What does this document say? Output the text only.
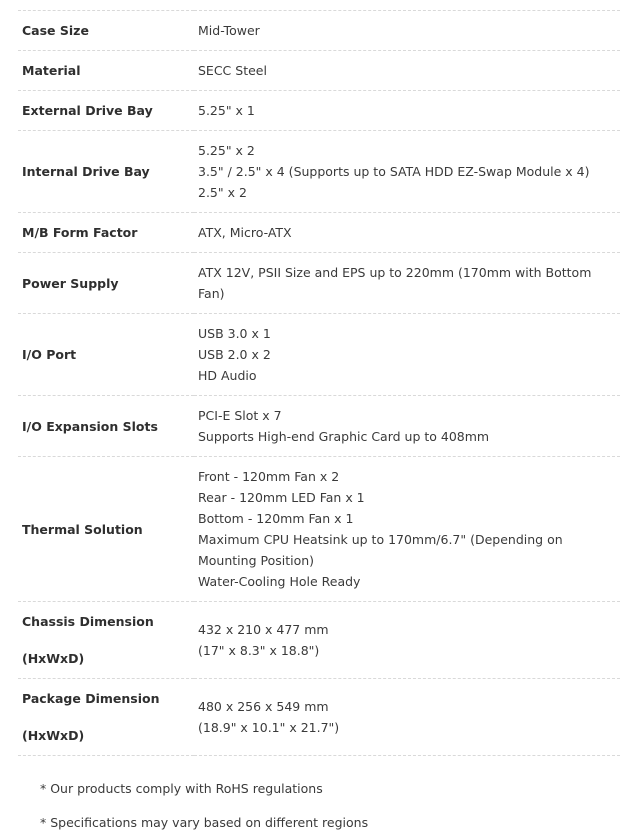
Case Size	Mid-Tower

Material	SECC Steel

External Drive Bay	5.25" x 1

Internal Drive Bay	5.25" x 2
3.5" / 2.5" x 4 (Supports up to SATA HDD EZ-Swap Module x 4)
2.5" x 2

M/B Form Factor	ATX, Micro-ATX

Power Supply	ATX 12V, PSII Size and EPS up to 220mm (170mm with Bottom Fan)

I/O Port	USB 3.0 x 1
USB 2.0 x 2
HD Audio

I/O Expansion Slots	PCI-E Slot x 7
Supports High-end Graphic Card up to 408mm

Thermal Solution	Front - 120mm Fan x 2
Rear - 120mm LED Fan x 1
Bottom - 120mm Fan x 1
Maximum CPU Heatsink up to 170mm/6.7" (Depending on Mounting Position)
Water-Cooling Hole Ready

Chassis Dimension
(HxWxD)	432 x 210 x 477 mm
(17" x 8.3" x 18.8")

Package Dimension
(HxWxD)	480 x 256 x 549 mm
(18.9" x 10.1" x 21.7")
* Our products comply with RoHS regulations
* Specifications may vary based on different regions
